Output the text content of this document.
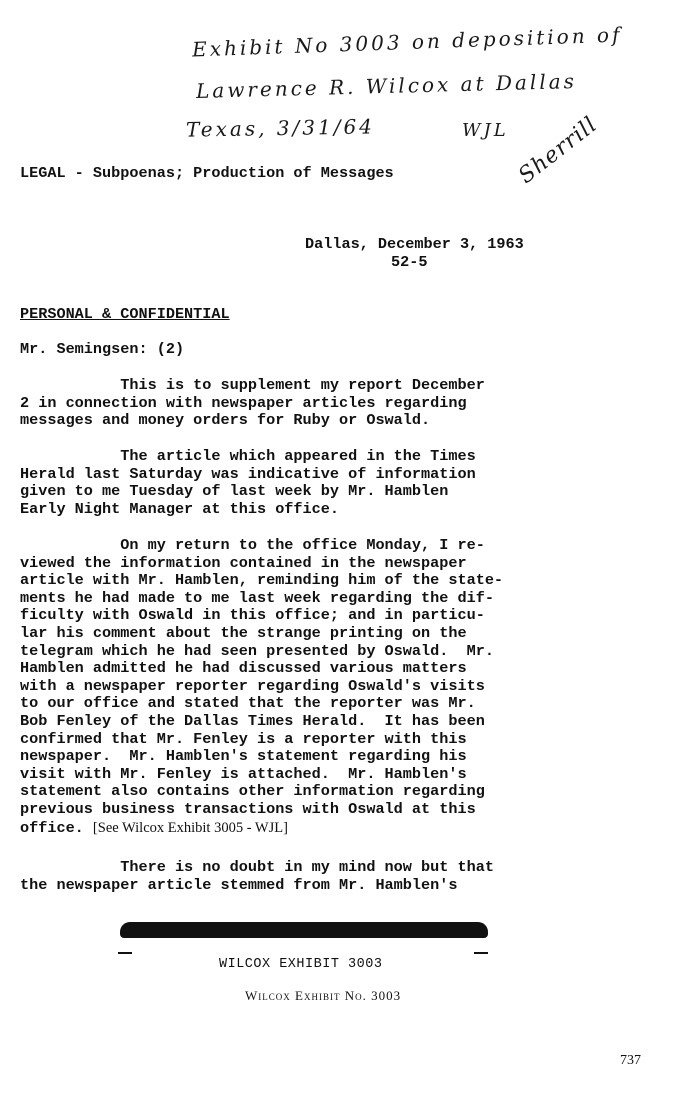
Exhibit No 3003 on deposition of
Lawrence R. Wilcox at Dallas
Texas, 3/31/64	WJL Sherrill
LEGAL - Subpoenas; Production of Messages
Dallas, December 3, 1963
52-5
PERSONAL & CONFIDENTIAL
Mr. Semingsen: (2)
This is to supplement my report December
2 in connection with newspaper articles regarding
messages and money orders for Ruby or Oswald.
The article which appeared in the Times
Herald last Saturday was indicative of information
given to me Tuesday of last week by Mr. Hamblen
Early Night Manager at this office.
On my return to the office Monday, I re-
viewed the information contained in the newspaper
article with Mr. Hamblen, reminding him of the state-
ments he had made to me last week regarding the dif-
ficulty with Oswald in this office; and in particu-
lar his comment about the strange printing on the
telegram which he had seen presented by Oswald.  Mr.
Hamblen admitted he had discussed various matters
with a newspaper reporter regarding Oswald's visits
to our office and stated that the reporter was Mr.
Bob Fenley of the Dallas Times Herald.  It has been
confirmed that Mr. Fenley is a reporter with this
newspaper.  Mr. Hamblen's statement regarding his
visit with Mr. Fenley is attached.  Mr. Hamblen's
statement also contains other information regarding
previous business transactions with Oswald at this
office. [See Wilcox Exhibit 3005 - WJL]
There is no doubt in my mind now but that
the newspaper article stemmed from Mr. Hamblen's
WILCOX EXHIBIT 3003
Wilcox Exhibit No. 3003
737
